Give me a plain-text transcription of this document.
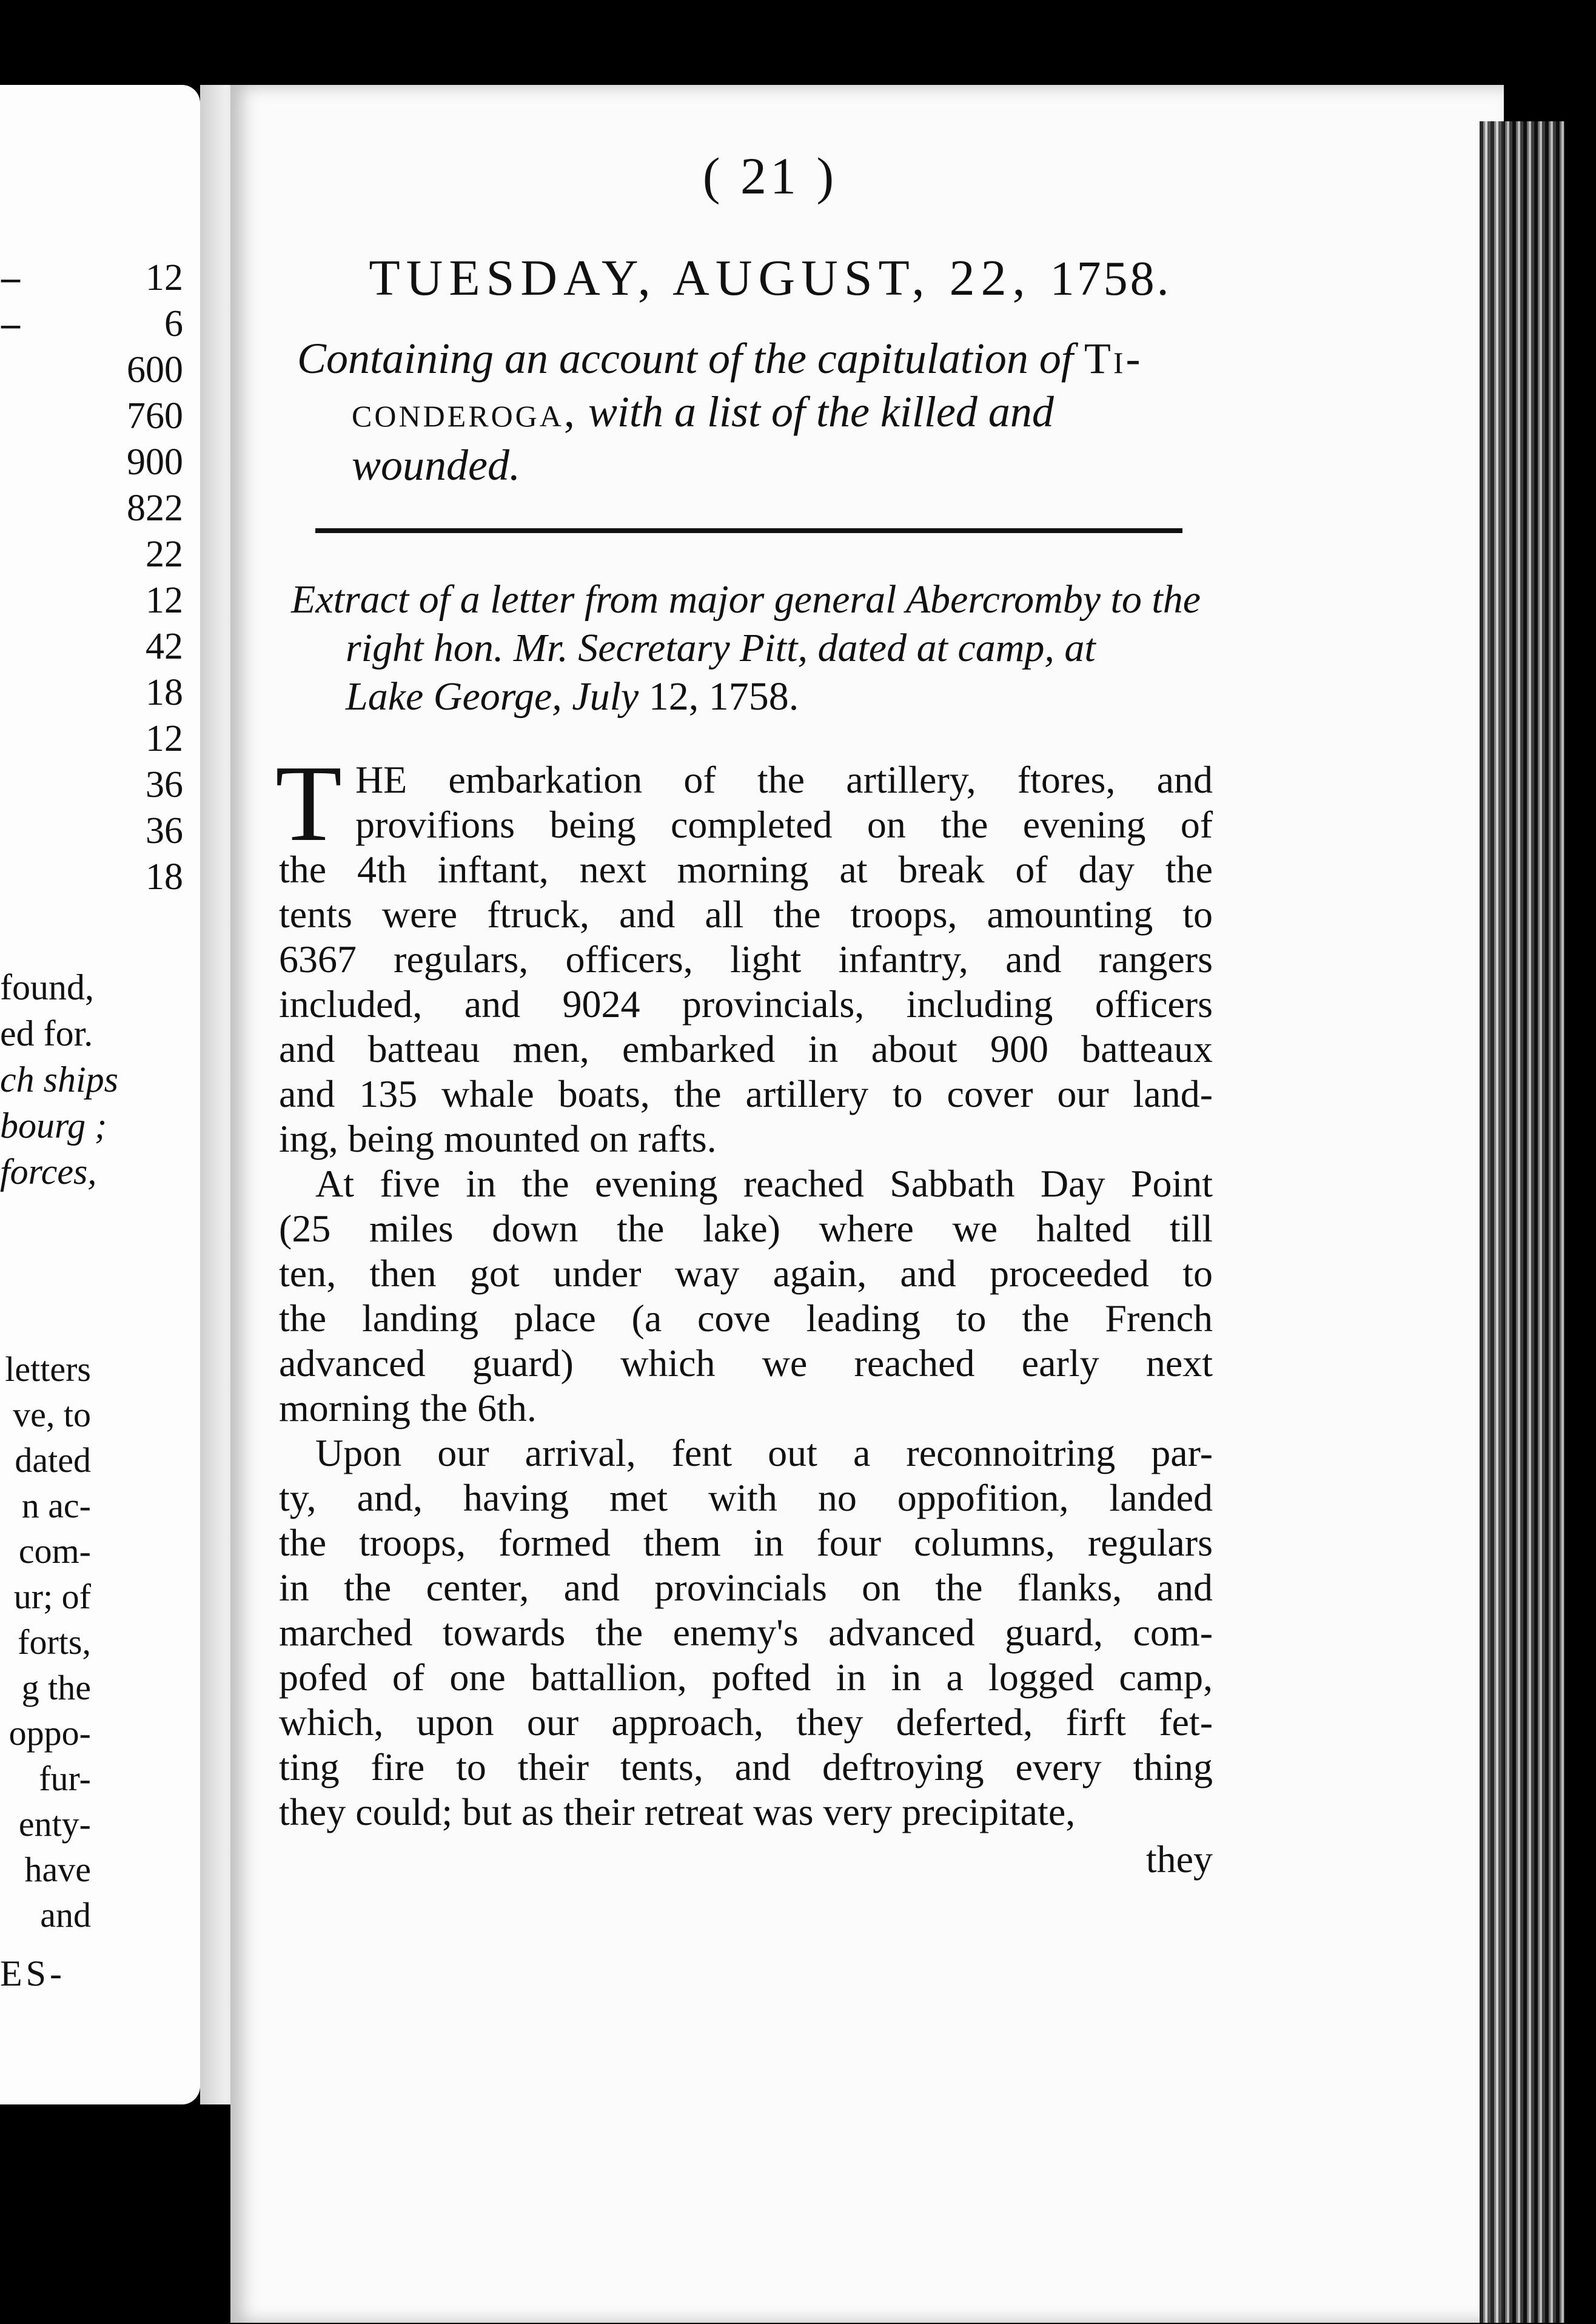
–	12
–	6
600
760
900
822
22
12
42
18
12
36
36
18
found,
ed for.
ch ships
bourg ;
forces,
letters
ve, to
dated
n ac-
com-
ur; of
forts,
g the
oppo-
fur-
enty-
have
and
ES-
( 21 )
TUESDAY, AUGUST, 22, 1758.
Containing an account of the capitulation of Ti-
conderoga, with a list of the killed and
wounded.
Extract of a letter from major general Abercromby to the
right hon. Mr. Secretary Pitt, dated at camp, at
Lake George, July 12, 1758.
T HE embarkation of the artillery, ftores, and
provifions being completed on the evening of
the 4th inftant, next morning at break of day the
tents were ftruck, and all the troops, amounting to
6367 regulars, officers, light infantry, and rangers
included, and 9024 provincials, including officers
and batteau men, embarked in about 900 batteaux
and 135 whale boats, the artillery to cover our land-
ing, being mounted on rafts.
At five in the evening reached Sabbath Day Point
(25 miles down the lake) where we halted till
ten, then got under way again, and proceeded to
the landing place (a cove leading to the French
advanced guard) which we reached early next
morning the 6th.
Upon our arrival, fent out a reconnoitring par-
ty, and, having met with no oppofition, landed
the troops, formed them in four columns, regulars
in the center, and provincials on the flanks, and
marched towards the enemy's advanced guard, com-
pofed of one battallion, pofted in in a logged camp,
which, upon our approach, they deferted, firft fet-
ting fire to their tents, and deftroying every thing
they could; but as their retreat was very precipitate,
they
